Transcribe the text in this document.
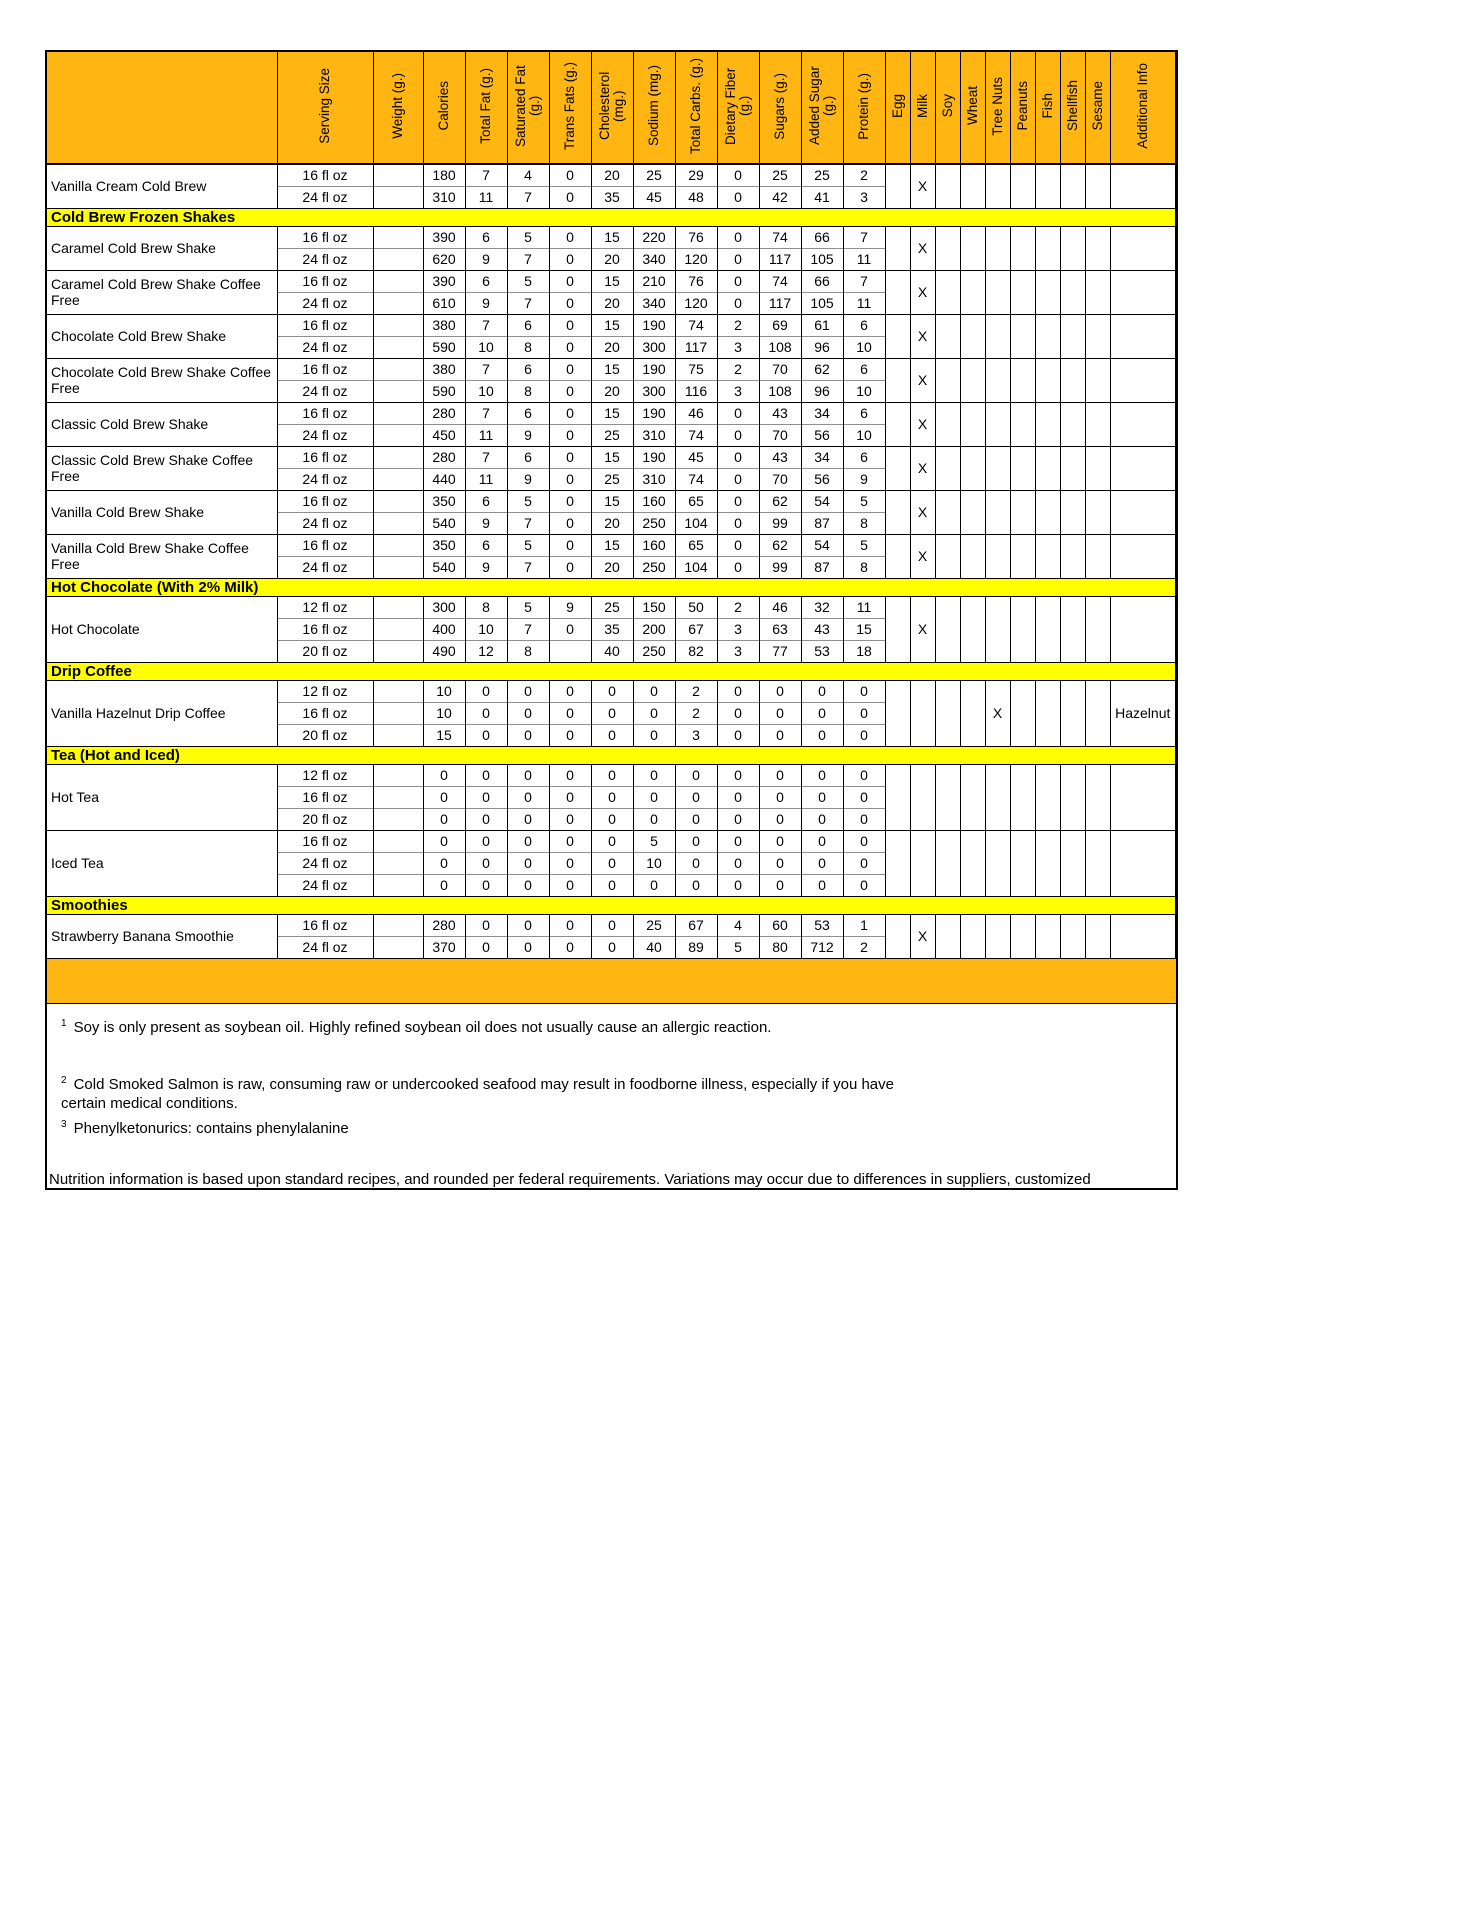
	Serving Size	Weight (g.)	Calories	Total Fat (g.)	Saturated Fat (g.)	Trans Fats (g.)	Cholesterol (mg.)	Sodium (mg.)	Total Carbs. (g.)	Dietary Fiber (g.)	Sugars (g.)	Added Sugar (g.)	Protein (g.)	Egg	Milk	Soy	Wheat	Tree Nuts	Peanuts	Fish	Shellfish	Sesame	Additional Info
Vanilla Cream Cold Brew	16 fl oz		180	7	4	0	20	25	29	0	25	25	2		X								
	24 fl oz		310	11	7	0	35	45	48	0	42	41	3										
Cold Brew Frozen Shakes																							
Caramel Cold Brew Shake	16 fl oz		390	6	5	0	15	220	76	0	74	66	7		X								
	24 fl oz		620	9	7	0	20	340	120	0	117	105	11										
Caramel Cold Brew Shake Coffee Free	16 fl oz		390	6	5	0	15	210	76	0	74	66	7		X								
	24 fl oz		610	9	7	0	20	340	120	0	117	105	11										
Chocolate Cold Brew Shake	16 fl oz		380	7	6	0	15	190	74	2	69	61	6		X								
	24 fl oz		590	10	8	0	20	300	117	3	108	96	10										
Chocolate Cold Brew Shake Coffee Free	16 fl oz		380	7	6	0	15	190	75	2	70	62	6		X								
	24 fl oz		590	10	8	0	20	300	116	3	108	96	10										
Classic Cold Brew Shake	16 fl oz		280	7	6	0	15	190	46	0	43	34	6		X								
	24 fl oz		450	11	9	0	25	310	74	0	70	56	10										
Classic Cold Brew Shake Coffee Free	16 fl oz		280	7	6	0	15	190	45	0	43	34	6		X								
	24 fl oz		440	11	9	0	25	310	74	0	70	56	9										
Vanilla Cold Brew Shake	16 fl oz		350	6	5	0	15	160	65	0	62	54	5		X								
	24 fl oz		540	9	7	0	20	250	104	0	99	87	8										
Vanilla Cold Brew Shake Coffee Free	16 fl oz		350	6	5	0	15	160	65	0	62	54	5		X								
	24 fl oz		540	9	7	0	20	250	104	0	99	87	8										
Hot Chocolate (With 2% Milk)																							
Hot Chocolate	12 fl oz		300	8	5	9	25	150	50	2	46	32	11		X								
	16 fl oz		400	10	7	0	35	200	67	3	63	43	15										
	20 fl oz		490	12	8		40	250	82	3	77	53	18										
Drip Coffee																							
Vanilla Hazelnut Drip Coffee	12 fl oz		10	0	0	0	0	0	2	0	0	0	0					X					Hazelnut
	16 fl oz		10	0	0	0	0	0	2	0	0	0	0										
	20 fl oz		15	0	0	0	0	0	3	0	0	0	0										
Tea (Hot and Iced)																							
Hot Tea	12 fl oz		0	0	0	0	0	0	0	0	0	0	0										
	16 fl oz		0	0	0	0	0	0	0	0	0	0	0										
	20 fl oz		0	0	0	0	0	0	0	0	0	0	0										
Iced Tea	16 fl oz		0	0	0	0	0	5	0	0	0	0	0										
	24 fl oz		0	0	0	0	0	10	0	0	0	0	0										
	24 fl oz		0	0	0	0	0	0	0	0	0	0	0										
Smoothies																							
Strawberry Banana Smoothie	16 fl oz		280	0	0	0	0	25	67	4	60	53	1		X								
	24 fl oz		370	0	0	0	0	40	89	5	80	712	2										

$^1$ Soy is only present as soybean oil. Highly refined soybean oil does not usually cause an allergic reaction.

$^2$ Cold Smoked Salmon is raw, consuming raw or undercooked seafood may result in foodborne illness, especially if you have certain medical conditions.

$^3$ Phenylketonurics: contains phenylalanine

Nutrition information is based upon standard recipes, and rounded per federal requirements. Variations may occur due to differences in suppliers, customized
